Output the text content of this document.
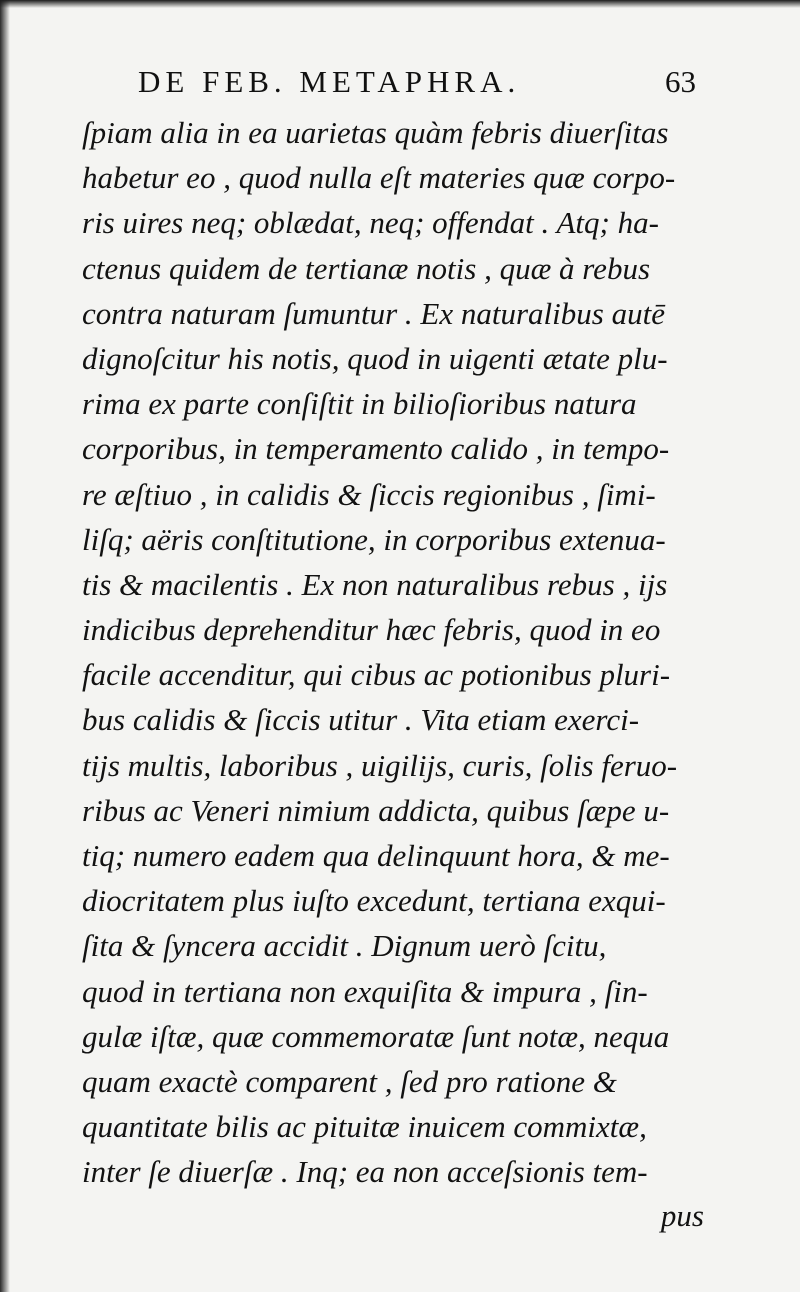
DE FEB. METAPHRA.	63
ſpiam alia in ea uarietas quàm febris diuerſitas
habetur eo , quod nulla eſt materies quæ corpo-
ris uires neq; oblædat, neq; offendat . Atq; ha-
ctenus quidem de tertianæ notis , quæ à rebus
contra naturam ſumuntur . Ex naturalibus autē
dignoſcitur his notis, quod in uigenti ætate plu-
rima ex parte conſiſtit in bilioſioribus natura
corporibus, in temperamento calido , in tempo-
re æſtiuo , in calidis & ſiccis regionibus , ſimi-
liſq; aëris conſtitutione, in corporibus extenua-
tis & macilentis . Ex non naturalibus rebus , ijs
indicibus deprehenditur hæc febris, quod in eo
facile accenditur, qui cibus ac potionibus pluri-
bus calidis & ſiccis utitur . Vita etiam exerci-
tijs multis, laboribus , uigilijs, curis, ſolis feruo-
ribus ac Veneri nimium addicta, quibus ſæpe u-
tiq; numero eadem qua delinquunt hora, & me-
diocritatem plus iuſto excedunt, tertiana exqui-
ſita & ſyncera accidit . Dignum uerò ſcitu,
quod in tertiana non exquiſita & impura , ſin-
gulæ iſtæ, quæ commemoratæ ſunt notæ, nequa
quam exactè comparent , ſed pro ratione &
quantitate bilis ac pituitæ inuicem commixtæ,
inter ſe diuerſæ . Inq; ea non acceſsionis tem-
pus
